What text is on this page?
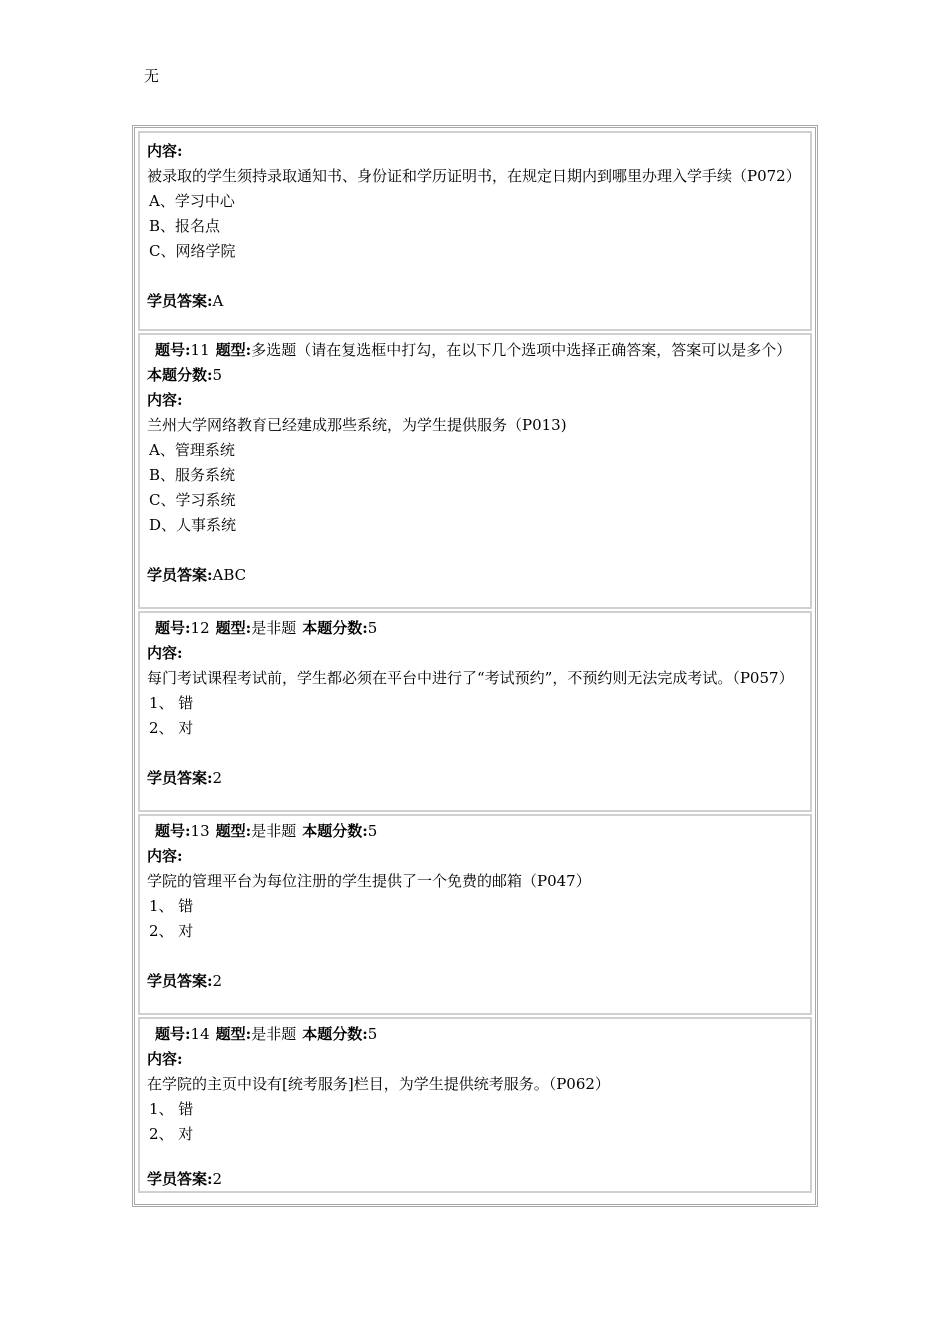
无
内容:
被录取的学生须持录取通知书、身份证和学历证明书，在规定日期内到哪里办理入学手续（P072）
A、学习中心
B、报名点
C、网络学院
学员答案:A
题号:11 题型:多选题（请在复选框中打勾，在以下几个选项中选择正确答案，答案可以是多个）
本题分数:5
内容:
兰州大学网络教育已经建成那些系统，为学生提供服务（P013)
A、管理系统
B、服务系统
C、学习系统
D、人事系统
学员答案:ABC
题号:12 题型:是非题 本题分数:5
内容:
每门考试课程考试前，学生都必须在平台中进行了“考试预约”，不预约则无法完成考试。（P057）
1、 错
2、 对
学员答案:2
题号:13 题型:是非题 本题分数:5
内容:
学院的管理平台为每位注册的学生提供了一个免费的邮箱（P047）
1、 错
2、 对
学员答案:2
题号:14 题型:是非题 本题分数:5
内容:
在学院的主页中设有[统考服务]栏目，为学生提供统考服务。（P062）
1、 错
2、 对
学员答案:2
